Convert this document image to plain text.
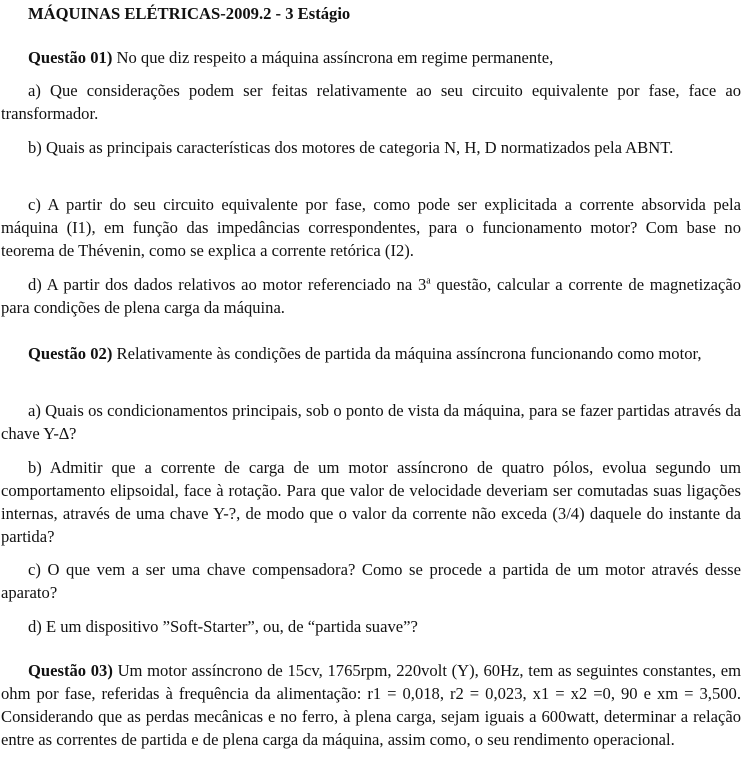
MÁQUINAS ELÉTRICAS-2009.2 - 3 Estágio
Questão 01) No que diz respeito a máquina assíncrona em regime permanente,
a) Que considerações podem ser feitas relativamente ao seu circuito equivalente por fase, face ao transformador.
b) Quais as principais características dos motores de categoria N, H, D normatizados pela ABNT.
c) A partir do seu circuito equivalente por fase, como pode ser explicitada a corrente absorvida pela máquina (I1), em função das impedâncias correspondentes, para o funcionamento motor? Com base no teorema de Thévenin, como se explica a corrente retórica (I2).
d) A partir dos dados relativos ao motor referenciado na 3$^a$ questão, calcular a corrente de magnetização para condições de plena carga da máquina.
Questão 02) Relativamente às condições de partida da máquina assíncrona funcionando como motor,
a) Quais os condicionamentos principais, sob o ponto de vista da máquina, para se fazer partidas através da chave Y-∆?
b) Admitir que a corrente de carga de um motor assíncrono de quatro pólos, evolua segundo um comportamento elipsoidal, face à rotação. Para que valor de velocidade deveriam ser comutadas suas ligações internas, através de uma chave Y-?, de modo que o valor da corrente não exceda (3/4) daquele do instante da partida?
c) O que vem a ser uma chave compensadora? Como se procede a partida de um motor através desse aparato?
d) E um dispositivo ”Soft-Starter”, ou, de “partida suave”?
Questão 03) Um motor assíncrono de 15cv, 1765rpm, 220volt (Y), 60Hz, tem as seguintes constantes, em ohm por fase, referidas à frequência da alimentação: r1 = 0,018, r2 = 0,023, x1 = x2 =0, 90 e xm = 3,500. Considerando que as perdas mecânicas e no ferro, à plena carga, sejam iguais a 600watt, determinar a relação entre as correntes de partida e de plena carga da máquina, assim como, o seu rendimento operacional.
